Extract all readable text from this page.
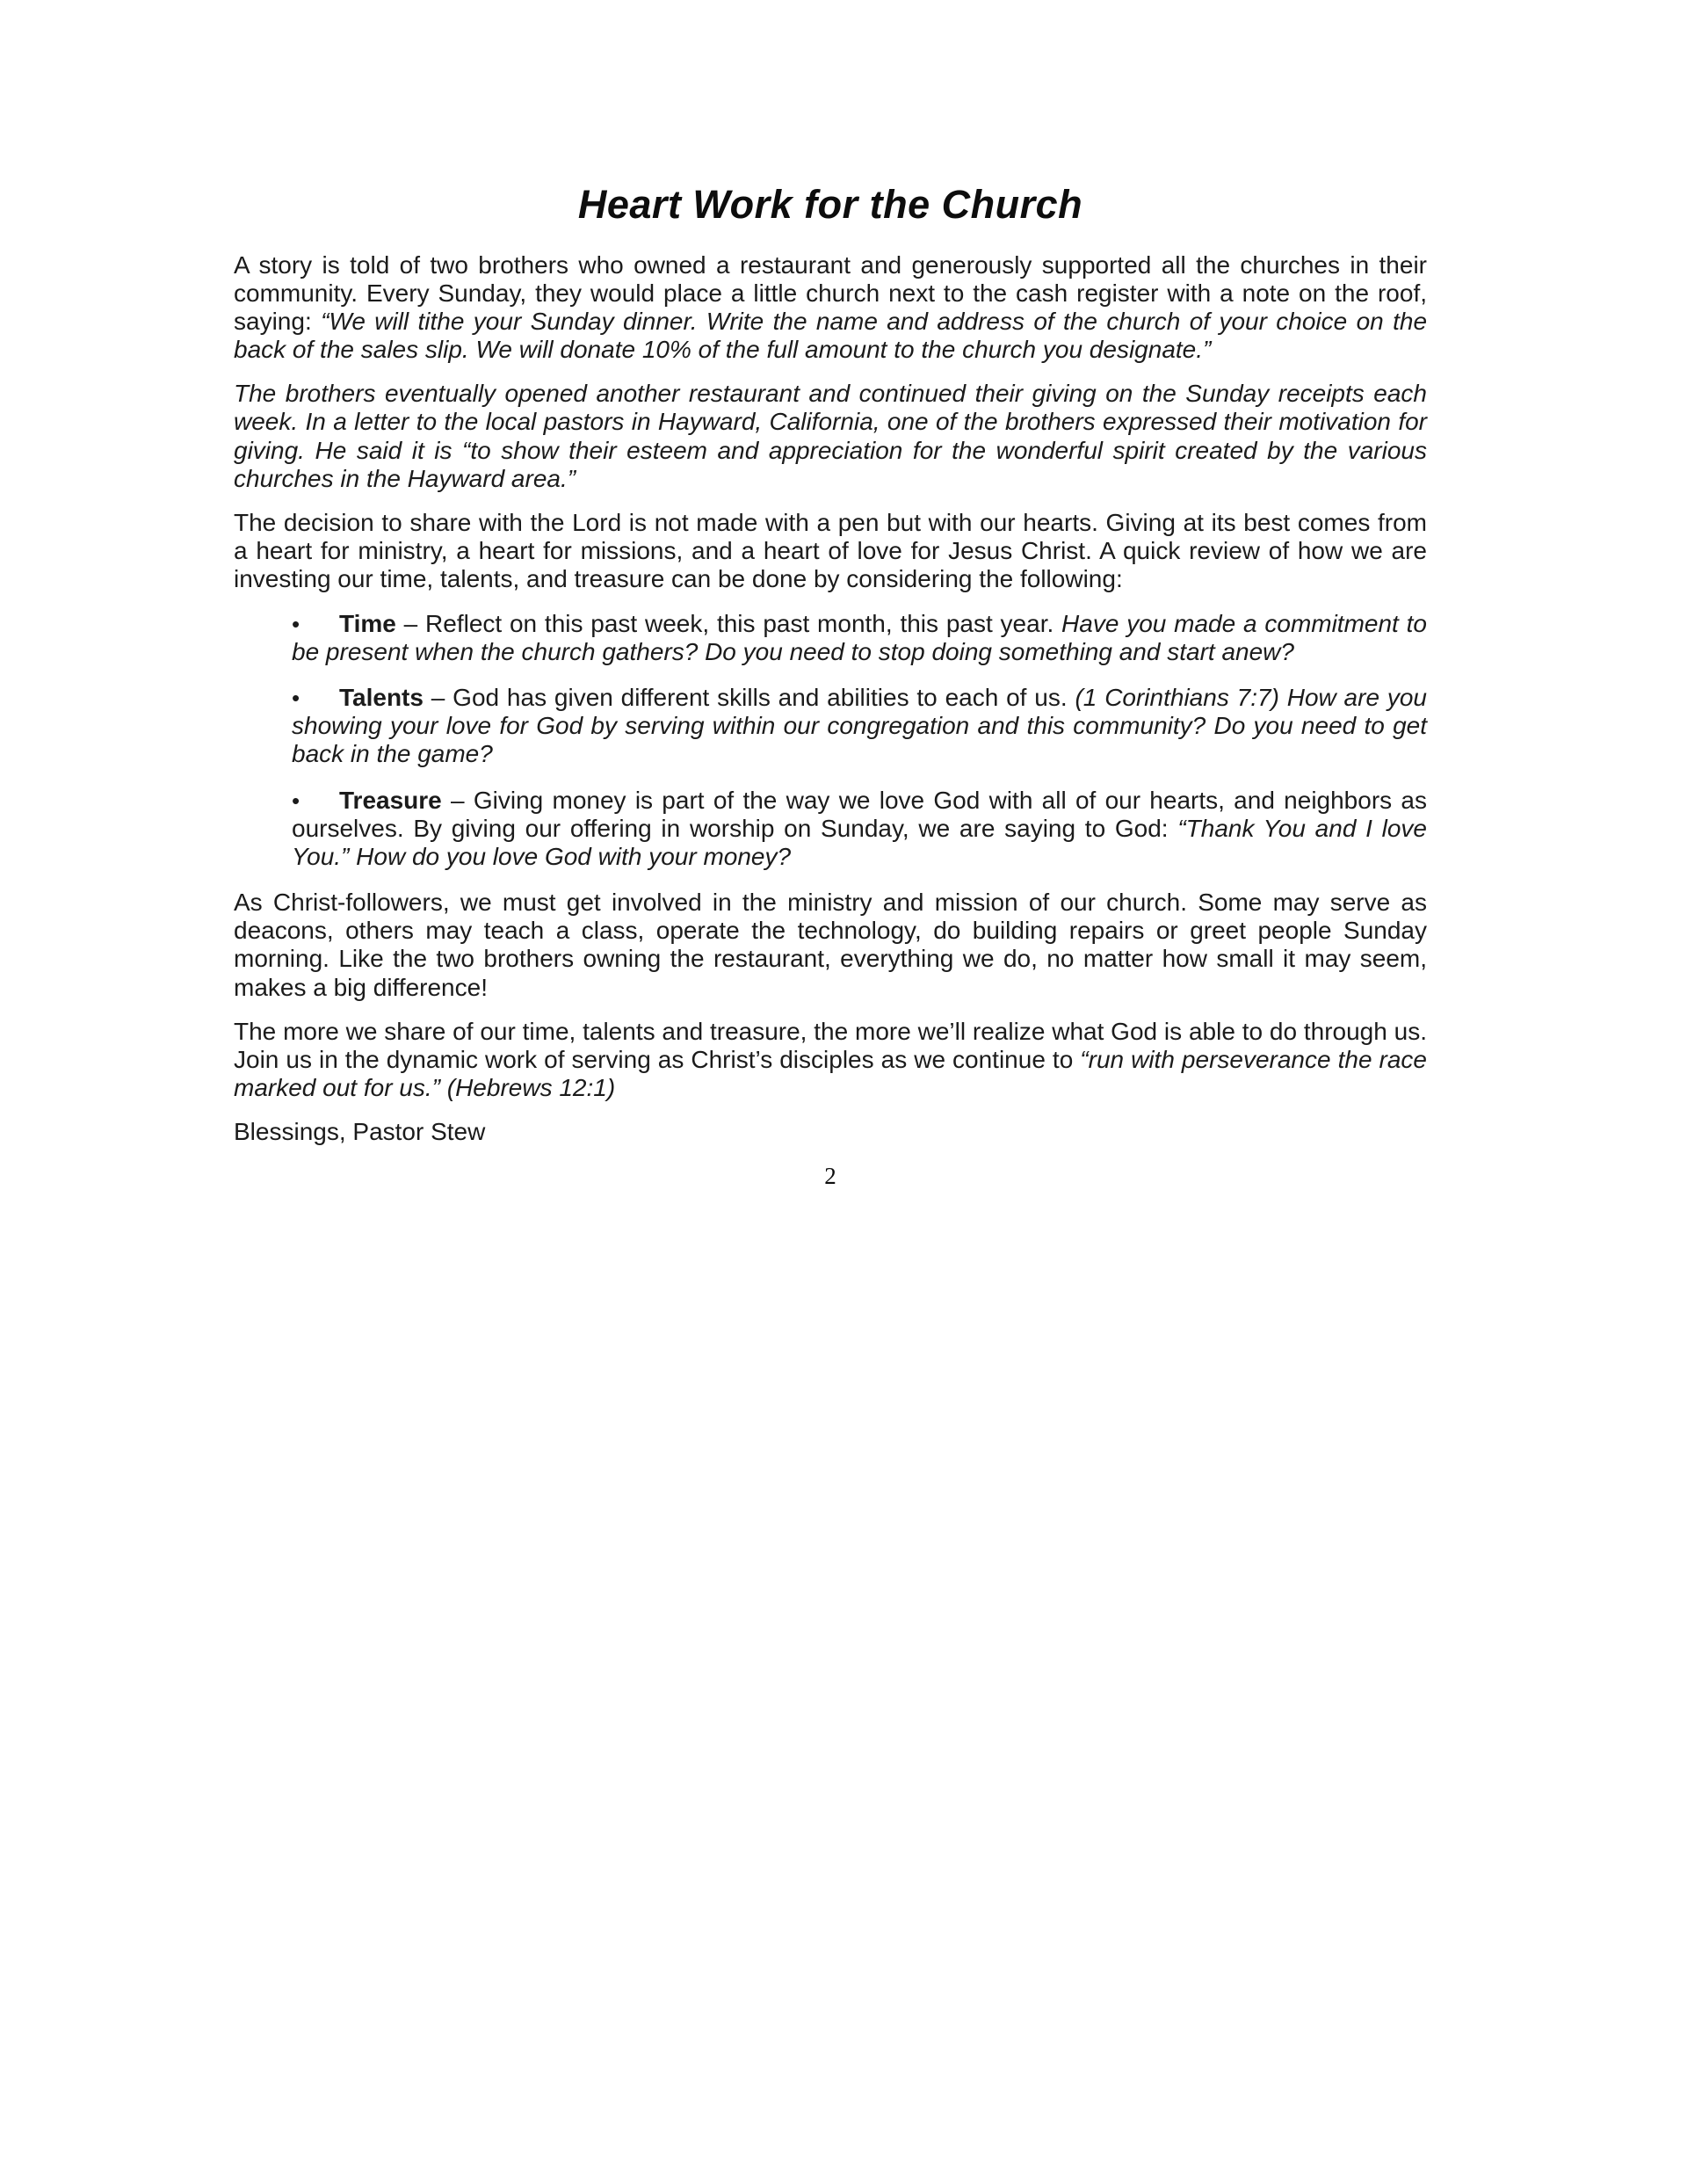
Heart Work for the Church

A story is told of two brothers who owned a restaurant and generously supported all the churches in their community. Every Sunday, they would place a little church next to the cash register with a note on the roof, saying: “We will tithe your Sunday dinner. Write the name and address of the church of your choice on the back of the sales slip. We will donate 10% of the full amount to the church you designate.”

The brothers eventually opened another restaurant and continued their giving on the Sunday receipts each week. In a letter to the local pastors in Hayward, California, one of the brothers expressed their motivation for giving. He said it is “to show their esteem and appreciation for the wonderful spirit created by the various churches in the Hayward area.”

The decision to share with the Lord is not made with a pen but with our hearts. Giving at its best comes from a heart for ministry, a heart for missions, and a heart of love for Jesus Christ. A quick review of how we are investing our time, talents, and treasure can be done by considering the following:

• Time – Reflect on this past week, this past month, this past year. Have you made a commitment to be present when the church gathers? Do you need to stop doing something and start anew?

• Talents – God has given different skills and abilities to each of us. (1 Corinthians 7:7) How are you showing your love for God by serving within our congregation and this community? Do you need to get back in the game?

• Treasure – Giving money is part of the way we love God with all of our hearts, and neighbors as ourselves. By giving our offering in worship on Sunday, we are saying to God: “Thank You and I love You.” How do you love God with your money?

As Christ-followers, we must get involved in the ministry and mission of our church. Some may serve as deacons, others may teach a class, operate the technology, do building repairs or greet people Sunday morning. Like the two brothers owning the restaurant, everything we do, no matter how small it may seem, makes a big difference!

The more we share of our time, talents and treasure, the more we’ll realize what God is able to do through us. Join us in the dynamic work of serving as Christ’s disciples as we continue to “run with perseverance the race marked out for us.” (Hebrews 12:1)

Blessings, Pastor Stew

2
